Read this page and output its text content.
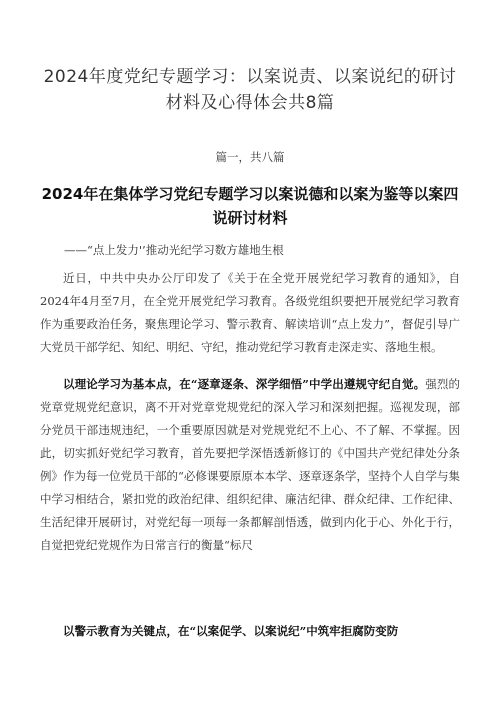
2024年度党纪专题学习：以案说责、以案说纪的研讨材料及心得体会共8篇
篇一，共八篇
2024年在集体学习党纪专题学习以案说德和以案为鉴等以案四说研讨材料
——“点上发力'’推动光纪学习数方雄地生根

近日，中共中央办公厅印发了《关于在全党开展党纪学习教育的通知》，自2024年4月至7月，在全党开展党纪学习教育。各级党组织要把开展党纪学习教育作为重要政治任务，聚焦理论学习、警示教育、解读培训“点上发力”，督促引导广大党员干部学纪、知纪、明纪、守纪，推动党纪学习教育走深走实、落地生根。

以理论学习为基本点，在“逐章逐条、深学细悟”中学出遵规守纪自觉。强烈的党章党规党纪意识，离不开对党章党规党纪的深入学习和深刻把握。巡视发现，部分党员干部违规违纪，一个重要原因就是对党规党纪不上心、不了解、不掌握。因此，切实抓好党纪学习教育，首先要把学深悟透新修订的《中国共产党纪律处分条例》作为每一位党员干部的“必修课要原原本本学、逐章逐条学，坚持个人自学与集中学习相结合，紧扣党的政治纪律、组织纪律、廉洁纪律、群众纪律、工作纪律、生活纪律开展研讨，对党纪每一项每一条都解剖悟透，做到内化于心、外化于行，自觉把党纪党规作为日常言行的衡量“标尺

以警示教育为关键点，在“以案促学、以案说纪”中筑牢拒腐防变防
